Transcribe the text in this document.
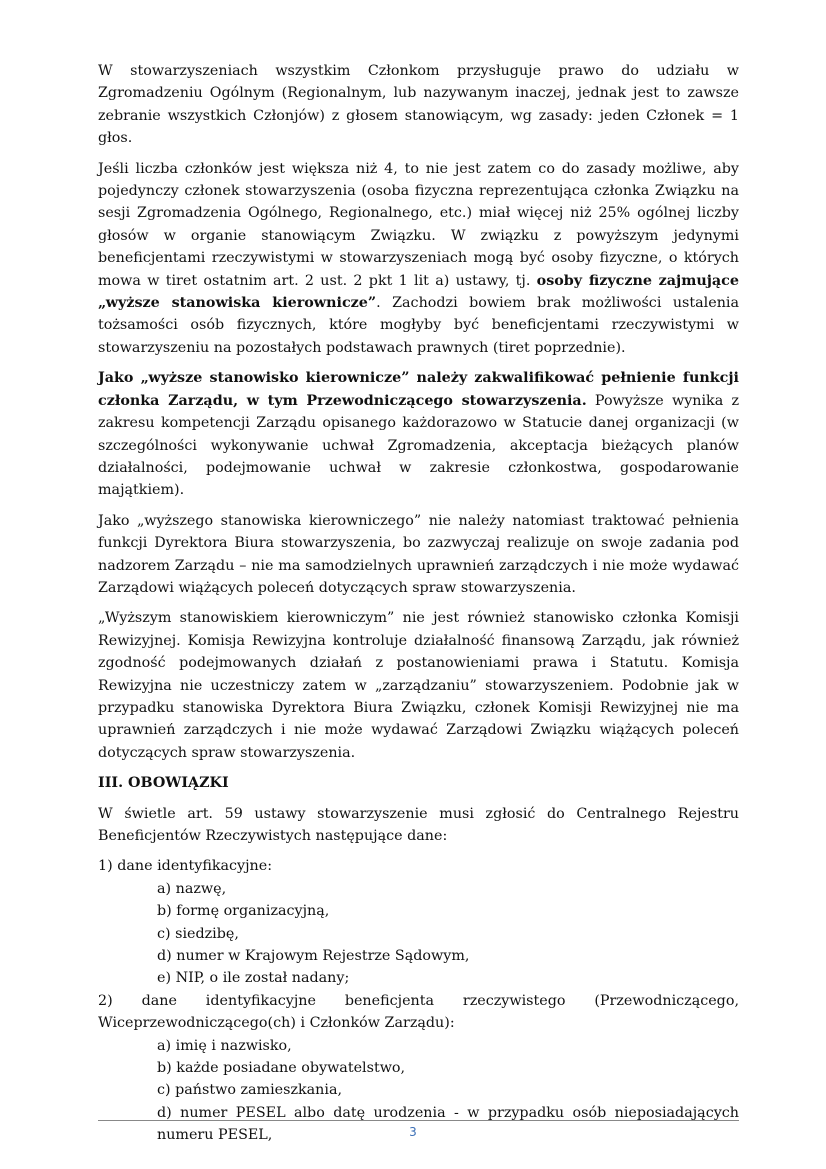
W stowarzyszeniach wszystkim Członkom przysługuje prawo do udziału w Zgromadzeniu Ogólnym (Regionalnym, lub nazywanym inaczej, jednak jest to zawsze zebranie wszystkich Członjów) z głosem stanowiącym, wg zasady: jeden Członek = 1 głos.

Jeśli liczba członków jest większa niż 4, to nie jest zatem co do zasady możliwe, aby pojedynczy członek stowarzyszenia (osoba fizyczna reprezentująca członka Związku na sesji Zgromadzenia Ogólnego, Regionalnego, etc.) miał więcej niż 25% ogólnej liczby głosów w organie stanowiącym Związku. W związku z powyższym jedynymi beneficjentami rzeczywistymi w stowarzyszeniach mogą być osoby fizyczne, o których mowa w tiret ostatnim art. 2 ust. 2 pkt 1 lit a) ustawy, tj. osoby fizyczne zajmujące „wyższe stanowiska kierownicze”. Zachodzi bowiem brak możliwości ustalenia tożsamości osób fizycznych, które mogłyby być beneficjentami rzeczywistymi w stowarzyszeniu na pozostałych podstawach prawnych (tiret poprzednie).

Jako „wyższe stanowisko kierownicze” należy zakwalifikować pełnienie funkcji członka Zarządu, w tym Przewodniczącego stowarzyszenia. Powyższe wynika z zakresu kompetencji Zarządu opisanego każdorazowo w Statucie danej organizacji (w szczególności wykonywanie uchwał Zgromadzenia, akceptacja bieżących planów działalności, podejmowanie uchwał w zakresie członkostwa, gospodarowanie majątkiem).

Jako „wyższego stanowiska kierowniczego” nie należy natomiast traktować pełnienia funkcji Dyrektora Biura stowarzyszenia, bo zazwyczaj realizuje on swoje zadania pod nadzorem Zarządu – nie ma samodzielnych uprawnień zarządczych i nie może wydawać Zarządowi wiążących poleceń dotyczących spraw stowarzyszenia.

„Wyższym stanowiskiem kierowniczym” nie jest również stanowisko członka Komisji Rewizyjnej. Komisja Rewizyjna kontroluje działalność finansową Zarządu, jak również zgodność podejmowanych działań z postanowieniami prawa i Statutu. Komisja Rewizyjna nie uczestniczy zatem w „zarządzaniu” stowarzyszeniem. Podobnie jak w przypadku stanowiska Dyrektora Biura Związku, członek Komisji Rewizyjnej nie ma uprawnień zarządczych i nie może wydawać Zarządowi Związku wiążących poleceń dotyczących spraw stowarzyszenia.

III. OBOWIĄZKI

W świetle art. 59 ustawy stowarzyszenie musi zgłosić do Centralnego Rejestru Beneficjentów Rzeczywistych następujące dane:

1) dane identyfikacyjne:
a) nazwę,
b) formę organizacyjną,
c) siedzibę,
d) numer w Krajowym Rejestrze Sądowym,
e) NIP, o ile został nadany;
2) dane identyfikacyjne beneficjenta rzeczywistego (Przewodniczącego, Wiceprzewodniczącego(ch) i Członków Zarządu):
a) imię i nazwisko,
b) każde posiadane obywatelstwo,
c) państwo zamieszkania,
d) numer PESEL albo datę urodzenia - w przypadku osób nieposiadających numeru PESEL,	3
